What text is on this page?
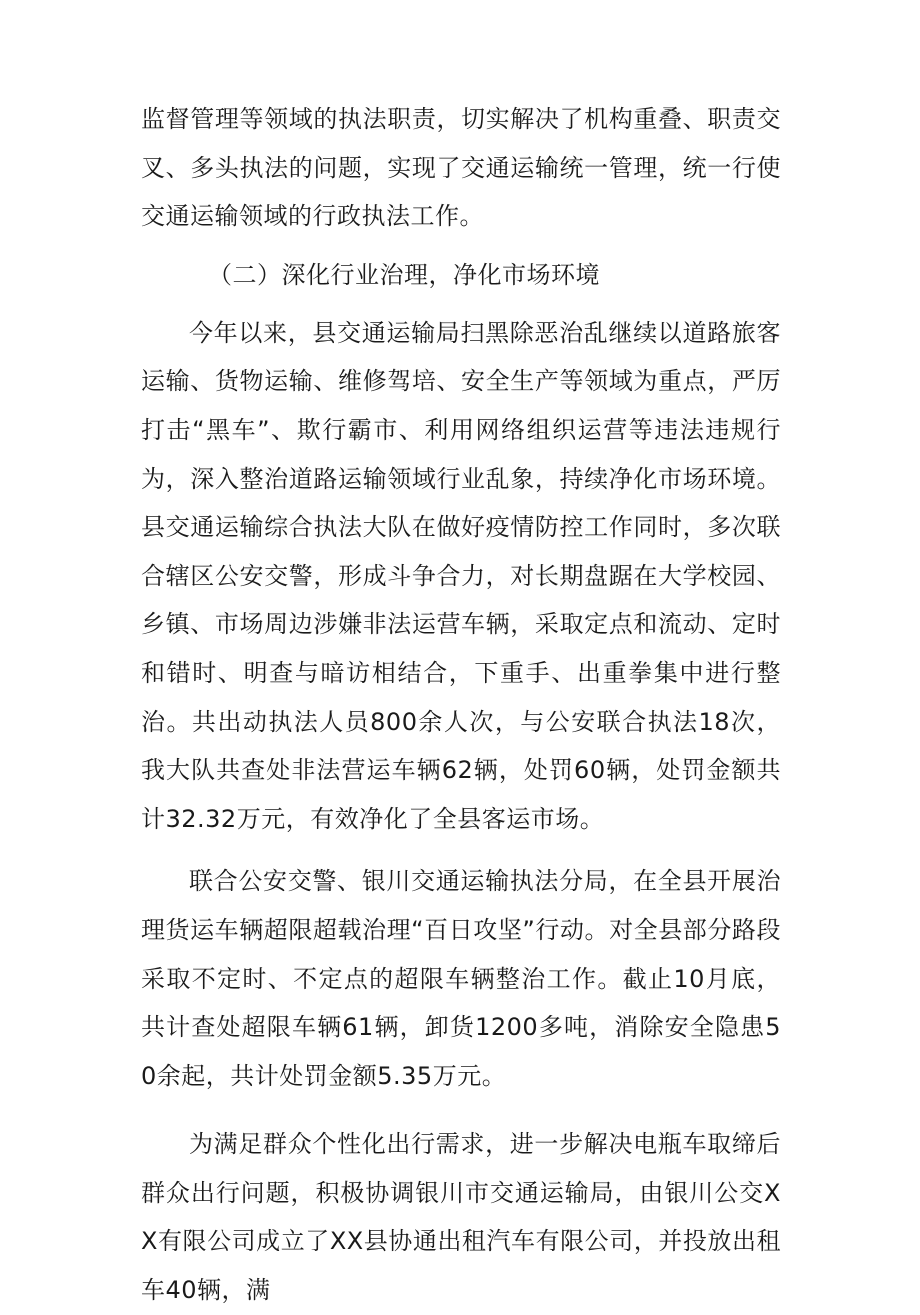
监督管理等领域的执法职责，切实解决了机构重叠、职责交叉、多头执法的问题，实现了交通运输统一管理，统一行使交通运输领域的行政执法工作。

（二）深化行业治理，净化市场环境

今年以来，县交通运输局扫黑除恶治乱继续以道路旅客运输、货物运输、维修驾培、安全生产等领域为重点，严厉打击“黑车”、欺行霸市、利用网络组织运营等违法违规行为，深入整治道路运输领域行业乱象，持续净化市场环境。县交通运输综合执法大队在做好疫情防控工作同时，多次联合辖区公安交警，形成斗争合力，对长期盘踞在大学校园、乡镇、市场周边涉嫌非法运营车辆，采取定点和流动、定时和错时、明查与暗访相结合，下重手、出重拳集中进行整治。共出动执法人员800余人次，与公安联合执法18次，我大队共查处非法营运车辆62辆，处罚60辆，处罚金额共计32.32万元，有效净化了全县客运市场。

联合公安交警、银川交通运输执法分局，在全县开展治理货运车辆超限超载治理“百日攻坚”行动。对全县部分路段采取不定时、不定点的超限车辆整治工作。截止10月底，共计查处超限车辆61辆，卸货1200多吨，消除安全隐患50余起，共计处罚金额5.35万元。

为满足群众个性化出行需求，进一步解决电瓶车取缔后群众出行问题，积极协调银川市交通运输局，由银川公交XX有限公司成立了XX县协通出租汽车有限公司，并投放出租车40辆，满
